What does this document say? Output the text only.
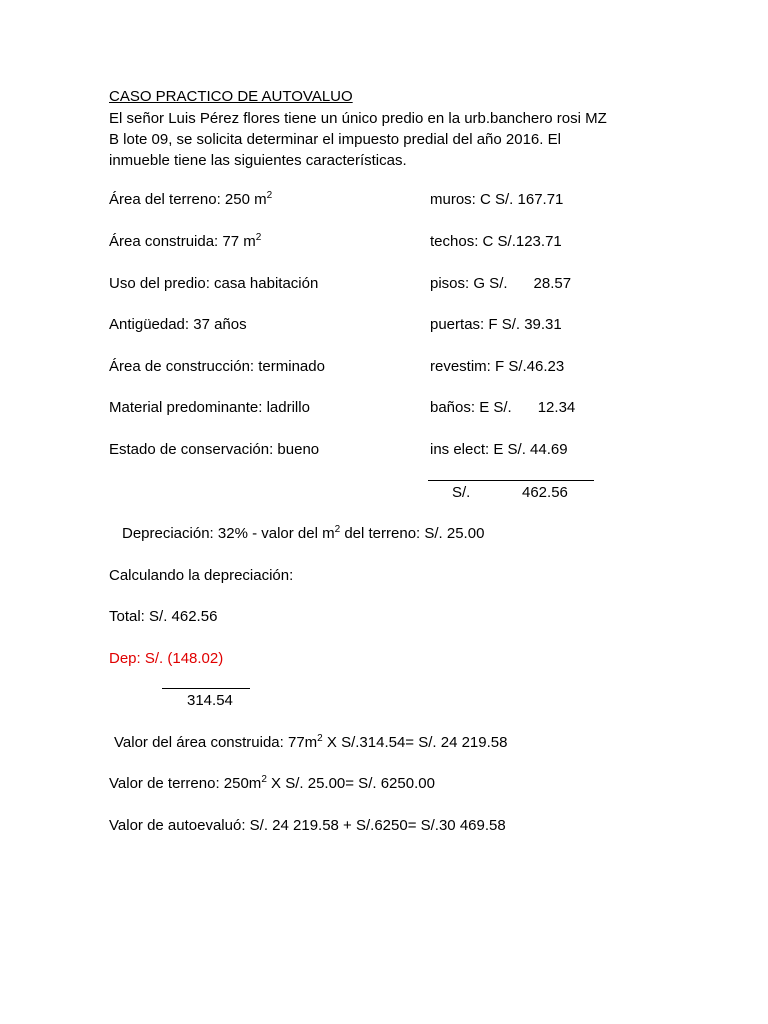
CASO PRACTICO DE AUTOVALUO
El señor Luis Pérez flores tiene un único predio en la urb.banchero rosi MZ
B lote 09, se solicita determinar el impuesto predial del año 2016. El
inmueble tiene las siguientes características.
Área del terreno: 250 $m^2$
Área construida: 77 $m^2$
Uso del predio: casa habitación
Antigüedad: 37 años
Área de construcción: terminado
Material predominante: ladrillo
Estado de conservación: bueno
muros: C S/. 167.71
techos: C S/.123.71
pisos: G S/. 28.57
puertas: F S/. 39.31
revestim: F S/.46.23
baños: E S/. 12.34
ins elect: E S/. 44.69
S/.	462.56
Depreciación: 32% - valor del $m^2$ del terreno: S/. 25.00
Calculando la depreciación:
Total: S/. 462.56
Dep: S/. (148.02)
314.54
Valor del área construida: $77m^2$ X S/.314.54= S/. 24 219.58
Valor de terreno: $250m^2$ X S/. 25.00= S/. 6250.00
Valor de autoevaluó: S/. 24 219.58 + S/.6250= S/.30 469.58
